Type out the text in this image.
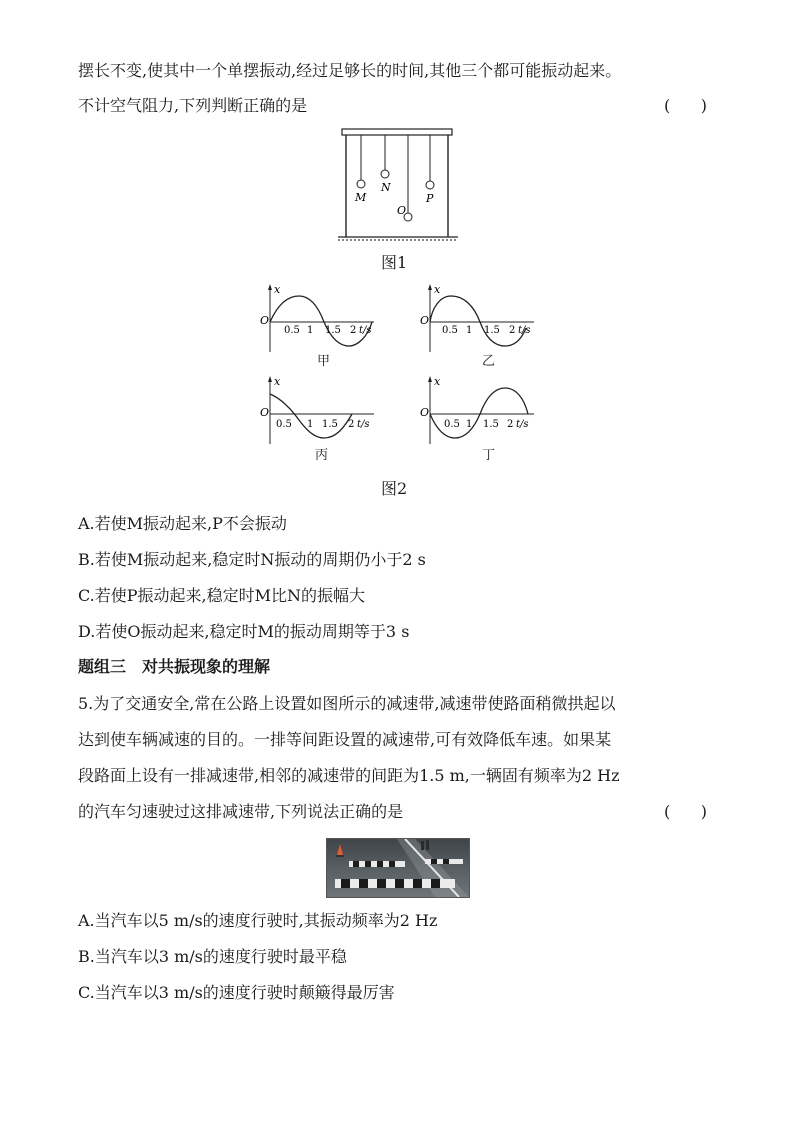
摆长不变,使其中一个单摆振动,经过足够长的时间,其他三个都可能振动起来。
不计空气阻力,下列判断正确的是	(      )
M
N
O
P
图1
x
O
0.5 1 1.5 2 t/s
甲
x
O
0.5 1 1.5 2 t/s
乙
x
O
0.5 1 1.5 2 t/s
丙
x
O
0.5 1 1.5 2 t/s
丁
图2
A.若使M振动起来,P不会振动
B.若使M振动起来,稳定时N振动的周期仍小于2 s
C.若使P振动起来,稳定时M比N的振幅大
D.若使O振动起来,稳定时M的振动周期等于3 s
题组三　对共振现象的理解
5.为了交通安全,常在公路上设置如图所示的减速带,减速带使路面稍微拱起以
达到使车辆减速的目的。一排等间距设置的减速带,可有效降低车速。如果某
段路面上设有一排减速带,相邻的减速带的间距为1.5 m,一辆固有频率为2 Hz
的汽车匀速驶过这排减速带,下列说法正确的是	(      )
A.当汽车以5 m/s的速度行驶时,其振动频率为2 Hz
B.当汽车以3 m/s的速度行驶时最平稳
C.当汽车以3 m/s的速度行驶时颠簸得最厉害
